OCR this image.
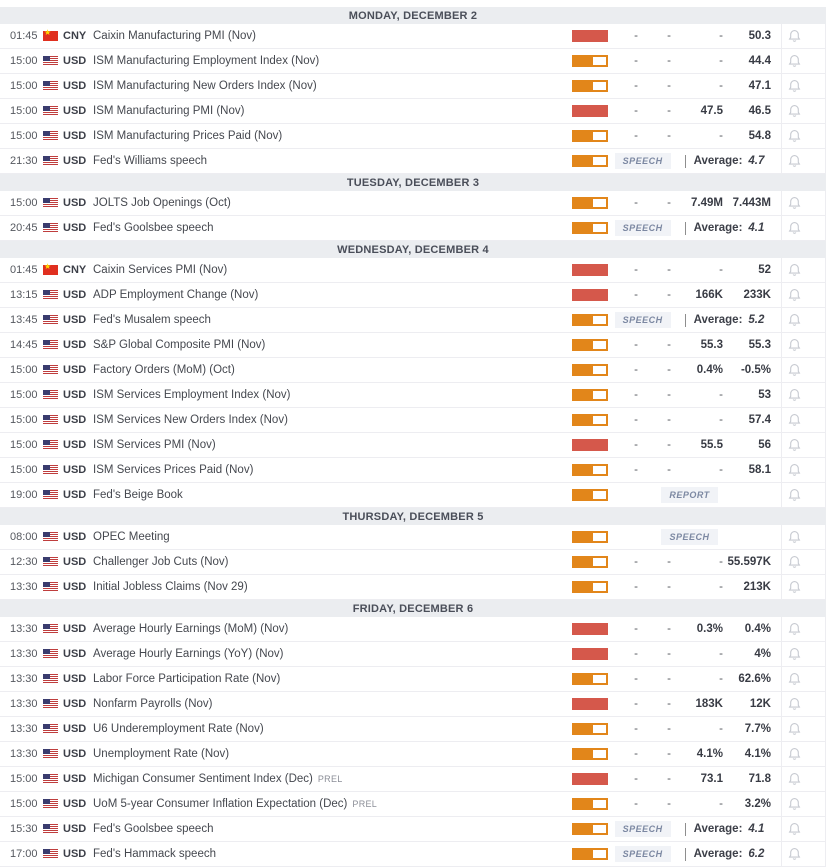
MONDAY, DECEMBER 2
01:45 ★ CNY Caixin Manufacturing PMI (Nov)	-	-	-	50.3
15:00 USD ISM Manufacturing Employment Index (Nov)	-	-	-	44.4
15:00 USD ISM Manufacturing New Orders Index (Nov)	-	-	-	47.1
15:00 USD ISM Manufacturing PMI (Nov)	-	-	47.5	46.5
15:00 USD ISM Manufacturing Prices Paid (Nov)	-	-	-	54.8
21:30 USD Fed's Williams speech	SPEECH	Average: 4.7
TUESDAY, DECEMBER 3
15:00 USD JOLTS Job Openings (Oct)	-	-	7.49M 7.443M
20:45 USD Fed's Goolsbee speech	SPEECH	Average: 4.1
WEDNESDAY, DECEMBER 4
01:45 ★ CNY Caixin Services PMI (Nov)	-	-	-	52
13:15 USD ADP Employment Change (Nov)	-	-	166K	233K
13:45 USD Fed's Musalem speech	SPEECH	Average: 5.2
14:45 USD S&P Global Composite PMI (Nov)	-	-	55.3	55.3
15:00 USD Factory Orders (MoM) (Oct)	-	-	0.4%	-0.5%
15:00 USD ISM Services Employment Index (Nov)	-	-	-	53
15:00 USD ISM Services New Orders Index (Nov)	-	-	-	57.4
15:00 USD ISM Services PMI (Nov)	-	-	55.5	56
15:00 USD ISM Services Prices Paid (Nov)	-	-	-	58.1
19:00 USD Fed's Beige Book	REPORT
THURSDAY, DECEMBER 5
08:00 USD OPEC Meeting	SPEECH
12:30 USD Challenger Job Cuts (Nov)	-	-	- 55.597K
13:30 USD Initial Jobless Claims (Nov 29)	-	-	-	213K
FRIDAY, DECEMBER 6
13:30 USD Average Hourly Earnings (MoM) (Nov)	-	-	0.3%	0.4%
13:30 USD Average Hourly Earnings (YoY) (Nov)	-	-	-	4%
13:30 USD Labor Force Participation Rate (Nov)	-	-	-	62.6%
13:30 USD Nonfarm Payrolls (Nov)	-	-	183K	12K
13:30 USD U6 Underemployment Rate (Nov)	-	-	-	7.7%
13:30 USD Unemployment Rate (Nov)	-	-	4.1%	4.1%
15:00 USD Michigan Consumer Sentiment Index (Dec) PREL	-	-	73.1	71.8
15:00 USD UoM 5-year Consumer Inflation Expectation (Dec) PREL	-	-	-	3.2%
15:30 USD Fed's Goolsbee speech	SPEECH	Average: 4.1
17:00 USD Fed's Hammack speech	SPEECH	Average: 6.2
